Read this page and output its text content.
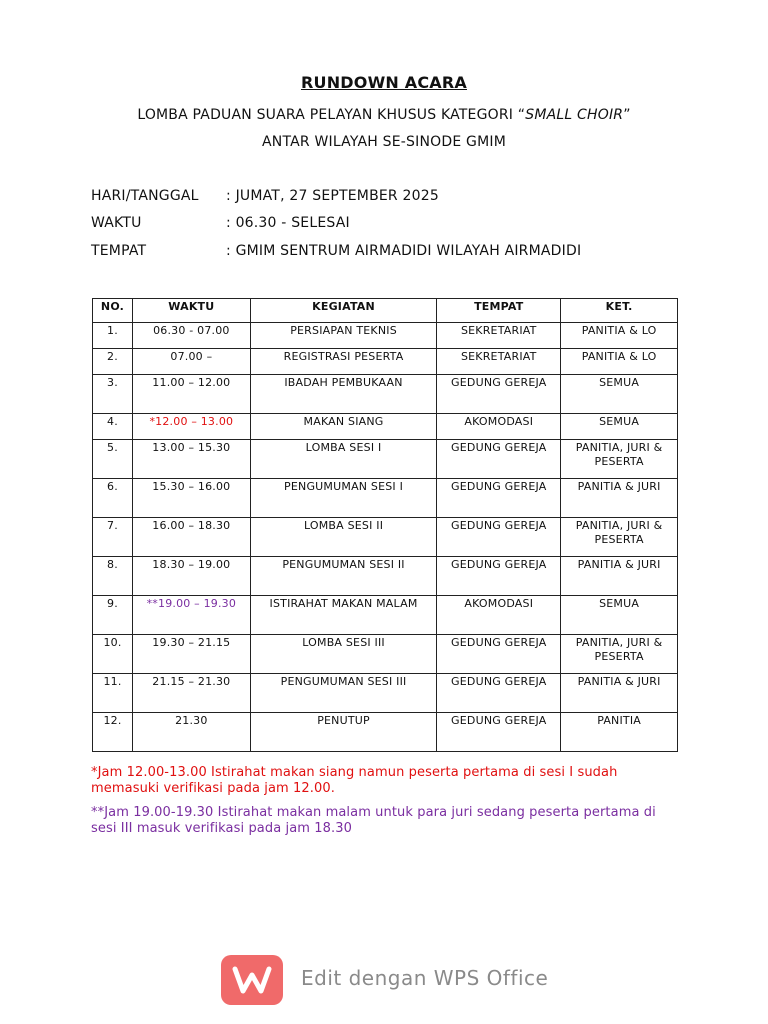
RUNDOWN ACARA
LOMBA PADUAN SUARA PELAYAN KHUSUS KATEGORI “SMALL CHOIR”
ANTAR WILAYAH SE-SINODE GMIM
HARI/TANGGAL : JUMAT, 27 SEPTEMBER 2025
WAKTU	: 06.30 - SELESAI
TEMPAT	: GMIM SENTRUM AIRMADIDI WILAYAH AIRMADIDI
NO.	WAKTU	KEGIATAN	TEMPAT	KET.
1.	06.30 - 07.00	PERSIAPAN TEKNIS	SEKRETARIAT	PANITIA & LO
2.	07.00 –	REGISTRASI PESERTA	SEKRETARIAT	PANITIA & LO
3.	11.00 – 12.00	IBADAH PEMBUKAAN	GEDUNG GEREJA	SEMUA
4.	*12.00 – 13.00	MAKAN SIANG	AKOMODASI	SEMUA
5.	13.00 – 15.30	LOMBA SESI I	GEDUNG GEREJA	PANITIA, JURI & PESERTA
6.	15.30 – 16.00	PENGUMUMAN SESI I	GEDUNG GEREJA	PANITIA & JURI
7.	16.00 – 18.30	LOMBA SESI II	GEDUNG GEREJA	PANITIA, JURI & PESERTA
8.	18.30 – 19.00	PENGUMUMAN SESI II	GEDUNG GEREJA	PANITIA & JURI
9.	**19.00 – 19.30	ISTIRAHAT MAKAN MALAM	AKOMODASI	SEMUA
10.	19.30 – 21.15	LOMBA SESI III	GEDUNG GEREJA	PANITIA, JURI & PESERTA
11.	21.15 – 21.30	PENGUMUMAN SESI III	GEDUNG GEREJA	PANITIA & JURI
12.	21.30	PENUTUP	GEDUNG GEREJA	PANITIA
*Jam 12.00-13.00 Istirahat makan siang namun peserta pertama di sesi I sudah memasuki verifikasi pada jam 12.00.
**Jam 19.00-19.30 Istirahat makan malam untuk para juri sedang peserta pertama di sesi III masuk verifikasi pada jam 18.30
Edit dengan WPS Office
